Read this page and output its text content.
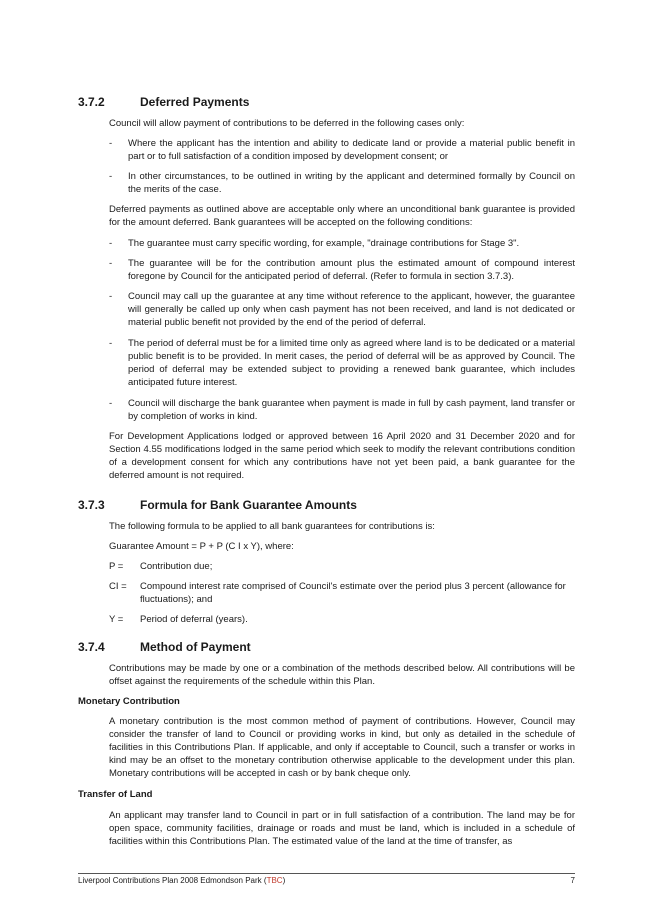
3.7.2	Deferred Payments

Council will allow payment of contributions to be deferred in the following cases only:

-	Where the applicant has the intention and ability to dedicate land or provide a material public benefit in part or to full satisfaction of a condition imposed by development consent; or
-	In other circumstances, to be outlined in writing by the applicant and determined formally by Council on the merits of the case.

Deferred payments as outlined above are acceptable only where an unconditional bank guarantee is provided for the amount deferred. Bank guarantees will be accepted on the following conditions:

-	The guarantee must carry specific wording, for example, "drainage contributions for Stage 3".
-	The guarantee will be for the contribution amount plus the estimated amount of compound interest foregone by Council for the anticipated period of deferral. (Refer to formula in section 3.7.3).
-	Council may call up the guarantee at any time without reference to the applicant, however, the guarantee will generally be called up only when cash payment has not been received, and land is not dedicated or material public benefit not provided by the end of the period of deferral.
-	The period of deferral must be for a limited time only as agreed where land is to be dedicated or a material public benefit is to be provided. In merit cases, the period of deferral will be as approved by Council. The period of deferral may be extended subject to providing a renewed bank guarantee, which includes anticipated future interest.
-	Council will discharge the bank guarantee when payment is made in full by cash payment, land transfer or by completion of works in kind.

For Development Applications lodged or approved between 16 April 2020 and 31 December 2020 and for Section 4.55 modifications lodged in the same period which seek to modify the relevant contributions condition of a development consent for which any contributions have not yet been paid, a bank guarantee for the deferred amount is not required.

3.7.3	Formula for Bank Guarantee Amounts

The following formula to be applied to all bank guarantees for contributions is:

Guarantee Amount = P + P (C I x Y), where:

P =	Contribution due;
CI =	Compound interest rate comprised of Council's estimate over the period plus 3 percent (allowance for fluctuations); and
Y =	Period of deferral (years).
3.7.4	Method of Payment

Contributions may be made by one or a combination of the methods described below. All contributions will be offset against the requirements of the schedule within this Plan.

Monetary Contribution

A monetary contribution is the most common method of payment of contributions. However, Council may consider the transfer of land to Council or providing works in kind, but only as detailed in the schedule of facilities in this Contributions Plan. If applicable, and only if acceptable to Council, such a transfer or works in kind may be an offset to the monetary contribution otherwise applicable to the development under this plan. Monetary contributions will be accepted in cash or by bank cheque only.

Transfer of Land

An applicant may transfer land to Council in part or in full satisfaction of a contribution. The land may be for open space, community facilities, drainage or roads and must be land, which is included in a schedule of facilities within this Contributions Plan. The estimated value of the land at the time of transfer, as

Liverpool Contributions Plan 2008 Edmondson Park (TBC)	7
